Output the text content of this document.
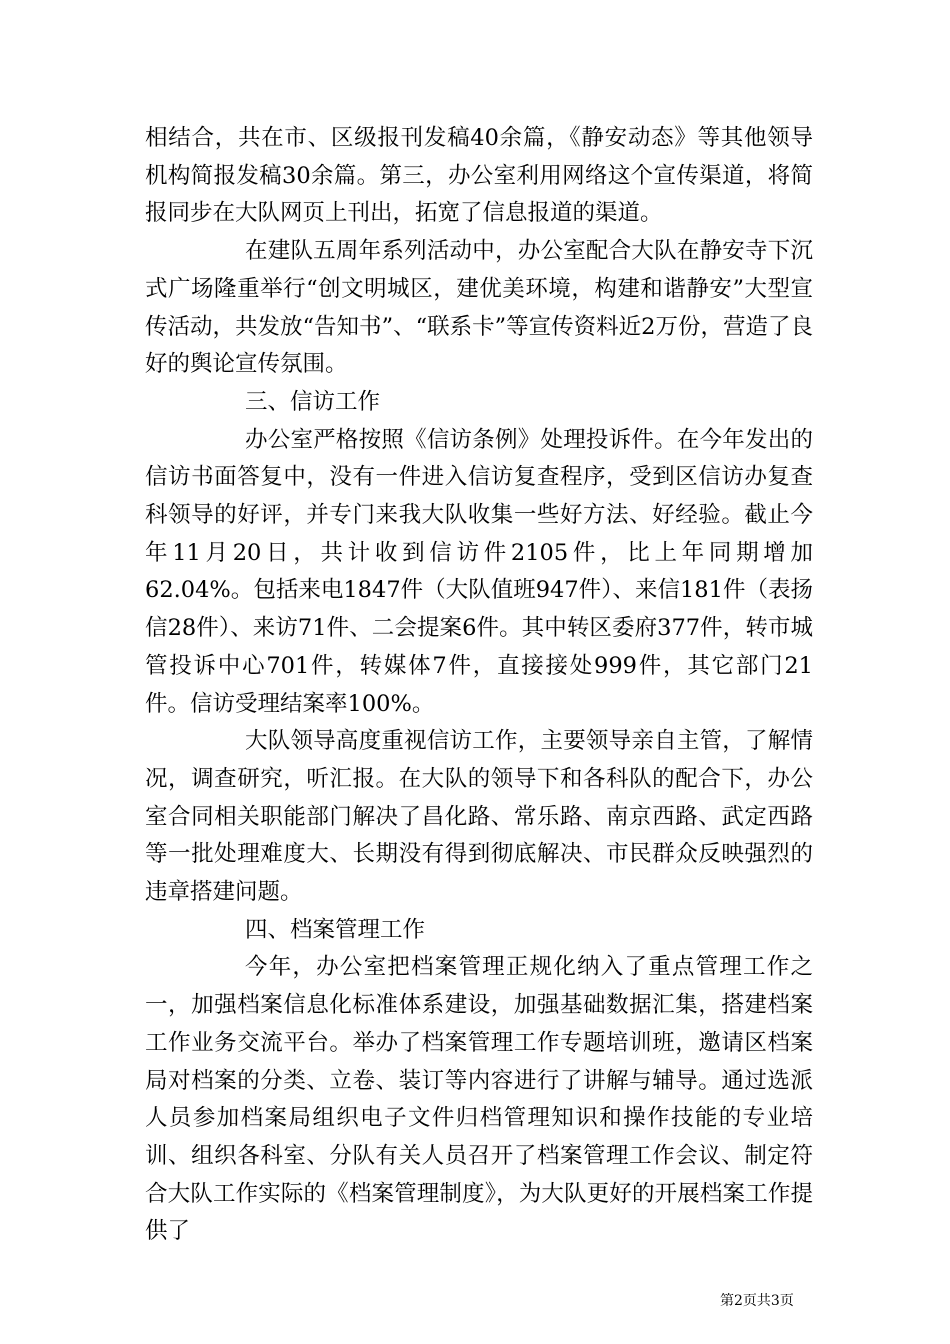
相结合，共在市、区级报刊发稿40余篇，《静安动态》等其他领导机构简报发稿30余篇。第三，办公室利用网络这个宣传渠道，将简报同步在大队网页上刊出，拓宽了信息报道的渠道。

在建队五周年系列活动中，办公室配合大队在静安寺下沉式广场隆重举行“创文明城区，建优美环境，构建和谐静安”大型宣传活动，共发放“告知书”、“联系卡”等宣传资料近2万份，营造了良好的舆论宣传氛围。

三、信访工作

办公室严格按照《信访条例》处理投诉件。在今年发出的信访书面答复中，没有一件进入信访复查程序，受到区信访办复查科领导的好评，并专门来我大队收集一些好方法、好经验。截止今年11月20日，共计收到信访件2105件，比上年同期增加62.04%。包括来电1847件（大队值班947件）、来信181件（表扬信28件）、来访71件、二会提案6件。其中转区委府377件，转市城管投诉中心701件，转媒体7件，直接接处999件，其它部门21件。信访受理结案率100%。

大队领导高度重视信访工作，主要领导亲自主管，了解情况，调查研究，听汇报。在大队的领导下和各科队的配合下，办公室合同相关职能部门解决了昌化路、常乐路、南京西路、武定西路等一批处理难度大、长期没有得到彻底解决、市民群众反映强烈的违章搭建问题。

四、档案管理工作

今年，办公室把档案管理正规化纳入了重点管理工作之一，加强档案信息化标准体系建设，加强基础数据汇集，搭建档案工作业务交流平台。举办了档案管理工作专题培训班，邀请区档案局对档案的分类、立卷、装订等内容进行了讲解与辅导。通过选派人员参加档案局组织电子文件归档管理知识和操作技能的专业培训、组织各科室、分队有关人员召开了档案管理工作会议、制定符合大队工作实际的《档案管理制度》，为大队更好的开展档案工作提供了

第2页共3页
